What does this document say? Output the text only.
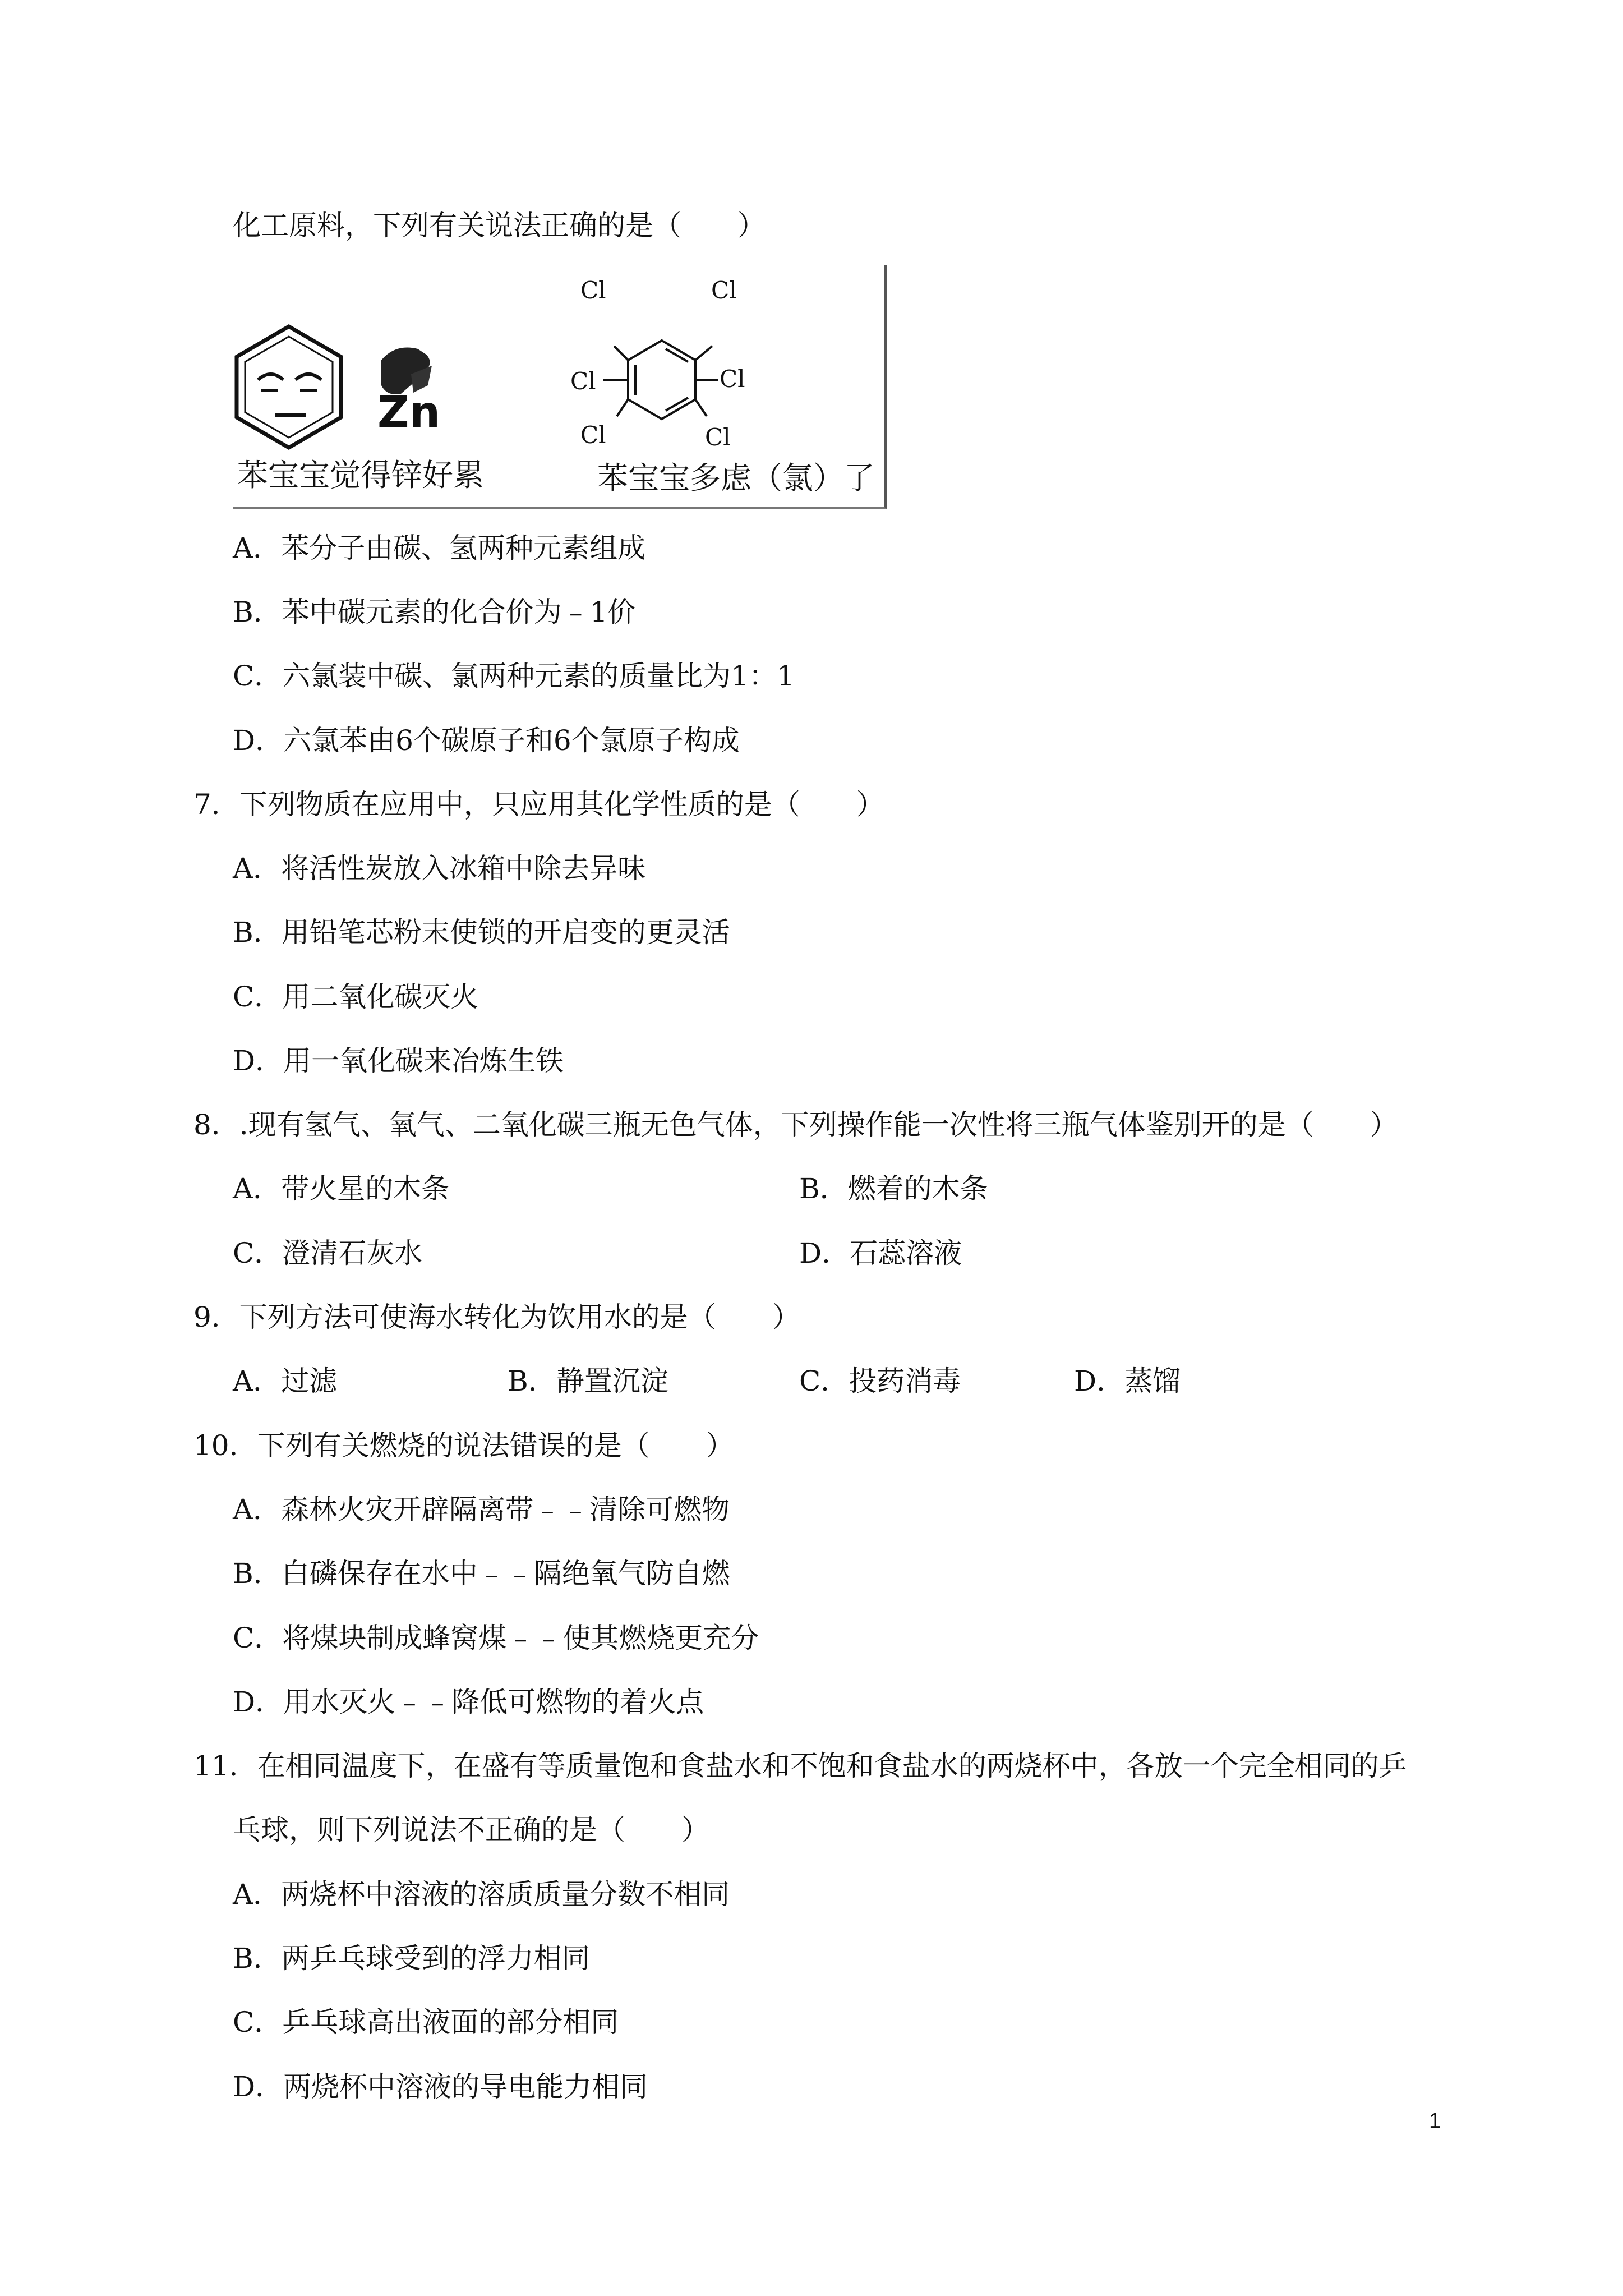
化工原料，下列有关说法正确的是（　　）
Zn
Cl	Cl
Cl	Cl
Cl	Cl
苯宝宝觉得锌好累	苯宝宝多虑（氯）了
A．苯分子由碳、氢两种元素组成
B．苯中碳元素的化合价为﹣1价
C．六氯装中碳、氯两种元素的质量比为1：1
D．六氯苯由6个碳原子和6个氯原子构成
7．下列物质在应用中，只应用其化学性质的是（　　）
A．将活性炭放入冰箱中除去异味
B．用铅笔芯粉末使锁的开启变的更灵活
C．用二氧化碳灭火
D．用一氧化碳来冶炼生铁
8．.现有氢气、氧气、二氧化碳三瓶无色气体，下列操作能一次性将三瓶气体鉴别开的是（　　）
A．带火星的木条	B．燃着的木条
C．澄清石灰水	D．石蕊溶液
9．下列方法可使海水转化为饮用水的是（　　）
A．过滤	B．静置沉淀	C．投药消毒	D．蒸馏
10．下列有关燃烧的说法错误的是（　　）
A．森林火灾开辟隔离带﹣﹣清除可燃物
B．白磷保存在水中﹣﹣隔绝氧气防自燃
C．将煤块制成蜂窝煤﹣﹣使其燃烧更充分
D．用水灭火﹣﹣降低可燃物的着火点
11．在相同温度下，在盛有等质量饱和食盐水和不饱和食盐水的两烧杯中，各放一个完全相同的乒
乓球，则下列说法不正确的是（　　）
A．两烧杯中溶液的溶质质量分数不相同
B．两乒乓球受到的浮力相同
C．乒乓球高出液面的部分相同
D．两烧杯中溶液的导电能力相同
1
